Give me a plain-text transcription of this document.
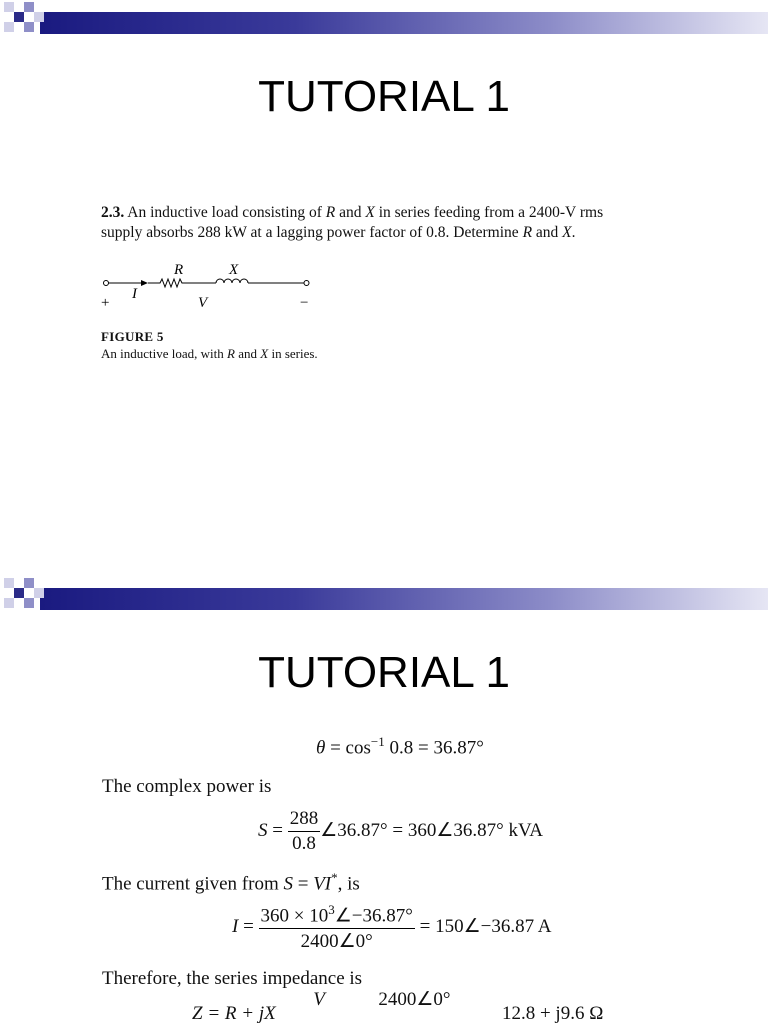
TUTORIAL 1
2.3. An inductive load consisting of R and X in series feeding from a 2400-V rms
supply absorbs 288 kW at a lagging power factor of 0.8. Determine R and X.
R	X
I
V
+	−
FIGURE 5
An inductive load, with R and X in series.
TUTORIAL 1
$\theta = \cos^{-1} 0.8 = 36.87^\circ$
The complex power is
$S = \frac{288}{0.8}$ ∠36.87° = 360∠36.87° kVA
The current given from S = VI*, is
$I = \frac{360 \times 10^3\angle-36.87^\circ}{2400\angle 0^\circ}$ = 150∠−36.87 A
Therefore, the series impedance is
Z = R + jX  V	2400∠0°  12.8 + j9.6 Ω
